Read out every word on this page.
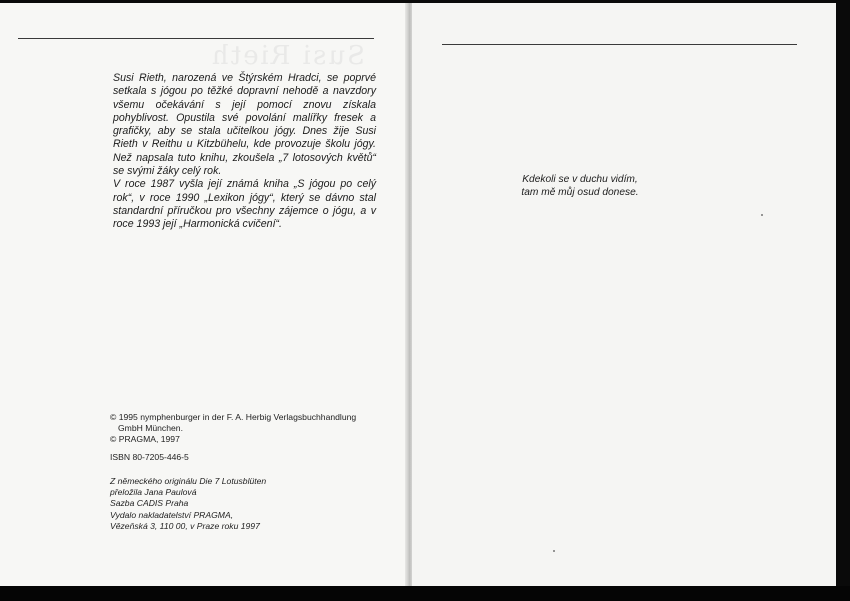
Susi Rieth

Susi Rieth, narozená ve Štýrském Hradci, se poprvé setkala s jógou po těžké dopravní nehodě a navzdory všemu očekávání s její pomocí znovu získala pohyblivost. Opustila své povolání malířky fresek a grafičky, aby se stala učitelkou jógy. Dnes žije Susi Rieth v Reithu u Kitzbühelu, kde provozuje školu jógy. Než napsala tuto knihu, zkoušela „7 lotosových květů“ se svými žáky celý rok.

V roce 1987 vyšla její známá kniha „S jógou po celý rok“, v roce 1990 „Lexikon jógy“, který se dávno stal standardní příručkou pro všechny zájemce o jógu, a v roce 1993 její „Harmonická cvičení“.

© 1995 nymphenburger in der F. A. Herbig Verlagsbuchhandlung
GmbH München.
© PRAGMA, 1997
ISBN 80-7205-446-5
Z německého originálu Die 7 Lotusblüten
přeložila Jana Paulová
Sazba CADIS Praha
Vydalo nakladatelství PRAGMA,
Vězeňská 3, 110 00, v Praze roku 1997
Kdekoli se v duchu vidím,
tam mě můj osud donese.
